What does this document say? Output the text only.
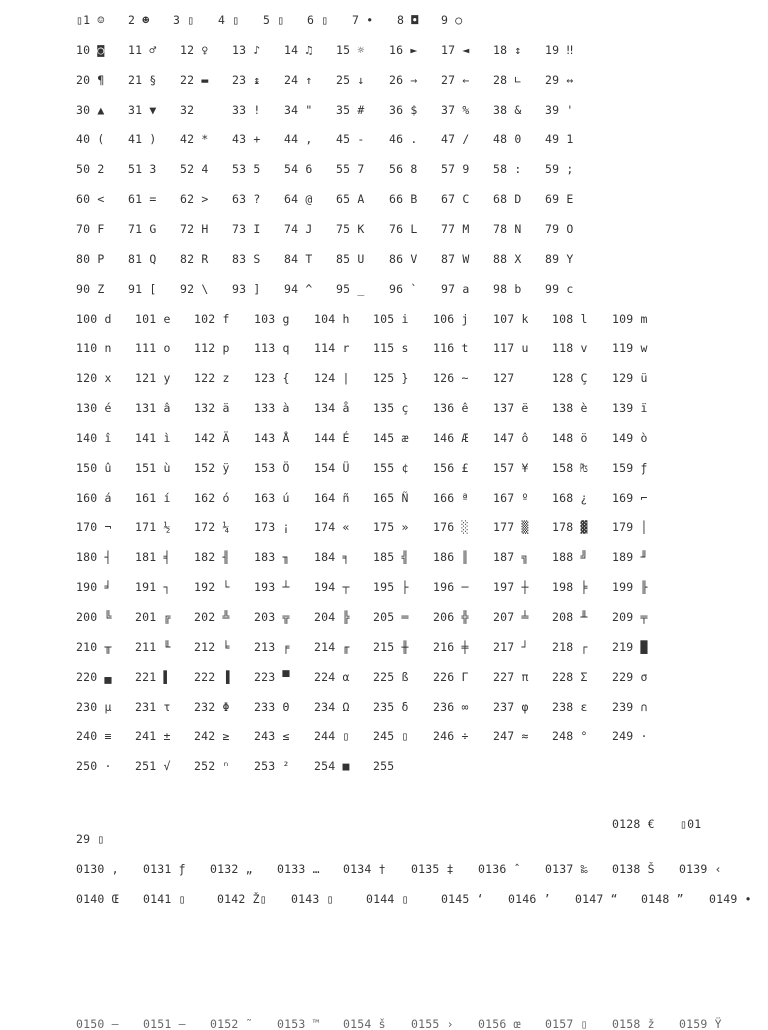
▯1 ☺ 2 ☻ 3 ▯ 4 ▯ 5 ▯ 6 ▯ 7 • 8 ◘ 9 ○
10 ◙ 11 ♂ 12 ♀ 13 ♪ 14 ♫ 15 ☼ 16 ► 17 ◄ 18 ↕ 19 ‼
20 ¶ 21 § 22 ▬ 23 ↨ 24 ↑ 25 ↓ 26 → 27 ← 28 ∟ 29 ↔
30 ▲ 31 ▼ 32	33 ! 34 " 35 # 36 $ 37 % 38 & 39 '
40 ( 41 ) 42 * 43 + 44 , 45 - 46 . 47 / 48 0 49 1
50 2 51 3 52 4 53 5 54 6 55 7 56 8 57 9 58 : 59 ;
60 < 61 = 62 > 63 ? 64 @ 65 A 66 B 67 C 68 D 69 E
70 F 71 G 72 H 73 I 74 J 75 K 76 L 77 M 78 N 79 O
80 P 81 Q 82 R 83 S 84 T 85 U 86 V 87 W 88 X 89 Y
90 Z 91 [ 92 \ 93 ] 94 ^ 95 _ 96 ` 97 a 98 b 99 c
100 d 101 e 102 f 103 g 104 h 105 i 106 j 107 k 108 l 109 m
110 n 111 o 112 p 113 q 114 r 115 s 116 t 117 u 118 v 119 w
120 x 121 y 122 z 123 { 124 | 125 } 126 ~ 127	128 Ç 129 ü
130 é 131 â 132 ä 133 à 134 å 135 ç 136 ê 137 ë 138 è 139 ï
140 î 141 ì 142 Ä 143 Å 144 É 145 æ 146 Æ 147 ô 148 ö 149 ò
150 û 151 ù 152 ÿ 153 Ö 154 Ü 155 ¢ 156 £ 157 ¥ 158 ₧ 159 ƒ
160 á 161 í 162 ó 163 ú 164 ñ 165 Ñ 166 ª 167 º 168 ¿ 169 ⌐
170 ¬ 171 ½ 172 ¼ 173 ¡ 174 « 175 » 176 ░ 177 ▒ 178 ▓ 179 │
180 ┤ 181 ╡ 182 ╢ 183 ╖ 184 ╕ 185 ╣ 186 ║ 187 ╗ 188 ╝ 189 ╜
190 ╛ 191 ┐ 192 └ 193 ┴ 194 ┬ 195 ├ 196 ─ 197 ┼ 198 ╞ 199 ╟
200 ╚ 201 ╔ 202 ╩ 203 ╦ 204 ╠ 205 ═ 206 ╬ 207 ╧ 208 ╨ 209 ╤
210 ╥ 211 ╙ 212 ╘ 213 ╒ 214 ╓ 215 ╫ 216 ╪ 217 ┘ 218 ┌ 219 █
220 ▄ 221 ▌ 222 ▐ 223 ▀ 224 α 225 ß 226 Γ 227 π 228 Σ 229 σ
230 µ 231 τ 232 Φ 233 Θ 234 Ω 235 δ 236 ∞ 237 φ 238 ε 239 ∩
240 ≡ 241 ± 242 ≥ 243 ≤ 244 ▯ 245 ▯ 246 ÷ 247 ≈ 248 ° 249 ·
250 · 251 √ 252 ⁿ 253 ² 254 ■ 255
0128 € ▯01
29 ▯
0130 ‚ 0131 ƒ 0132 „ 0133 … 0134 † 0135 ‡ 0136 ˆ 0137 ‰ 0138 Š 0139 ‹
0140 Œ 0141 ▯	0142 Ž▯ 0143 ▯	0144 ▯	0145 ‘ 0146 ’ 0147 “ 0148 ” 0149 •
0150 – 0151 — 0152 ˜ 0153 ™ 0154 š 0155 › 0156 œ 0157 ▯ 0158 ž 0159 Ÿ
